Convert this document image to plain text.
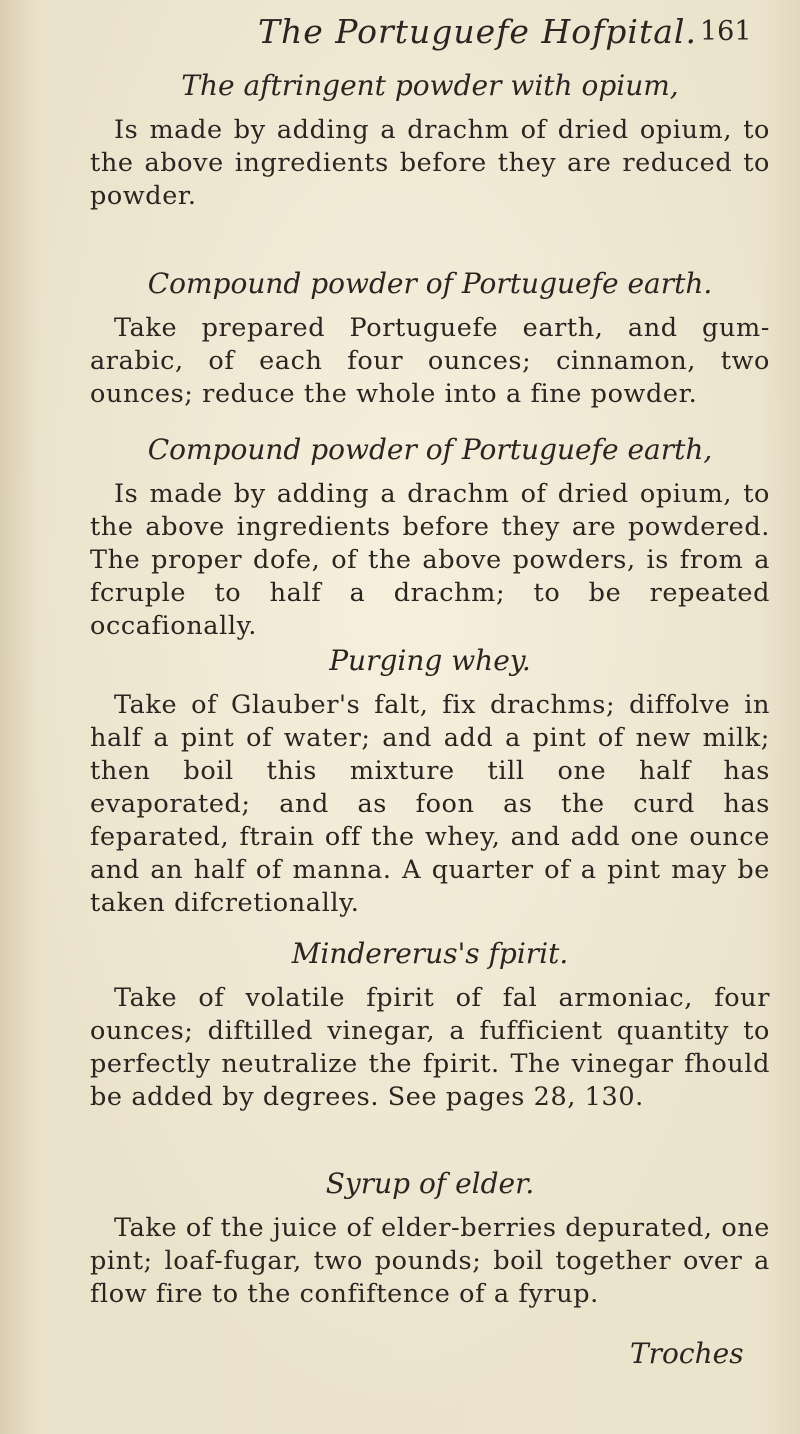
The Portuguefe Hofpital. 161
The aftringent powder with opium,
Is made by adding a drachm of dried opium, to the above ingredients before they are reduced to powder.
Compound powder of Portuguefe earth.
Take prepared Portuguefe earth, and gum-arabic, of each four ounces; cinnamon, two ounces; reduce the whole into a fine powder.
Compound powder of Portuguefe earth,
Is made by adding a drachm of dried opium, to the above ingredients before they are powdered. The proper dofe, of the above powders, is from a fcruple to half a drachm; to be repeated occafionally.
Purging whey.
Take of Glauber's falt, fix drachms; diffolve in half a pint of water; and add a pint of new milk; then boil this mixture till one half has evaporated; and as foon as the curd has feparated, ftrain off the whey, and add one ounce and an half of manna. A quarter of a pint may be taken difcretionally.
Mindererus's fpirit.
Take of volatile fpirit of fal armoniac, four ounces; diftilled vinegar, a fufficient quantity to perfectly neutralize the fpirit. The vinegar fhould be added by degrees. See pages 28, 130.
Syrup of elder.
Take of the juice of elder-berries depurated, one pint; loaf-fugar, two pounds; boil together over a flow fire to the confiftence of a fyrup.
Troches
